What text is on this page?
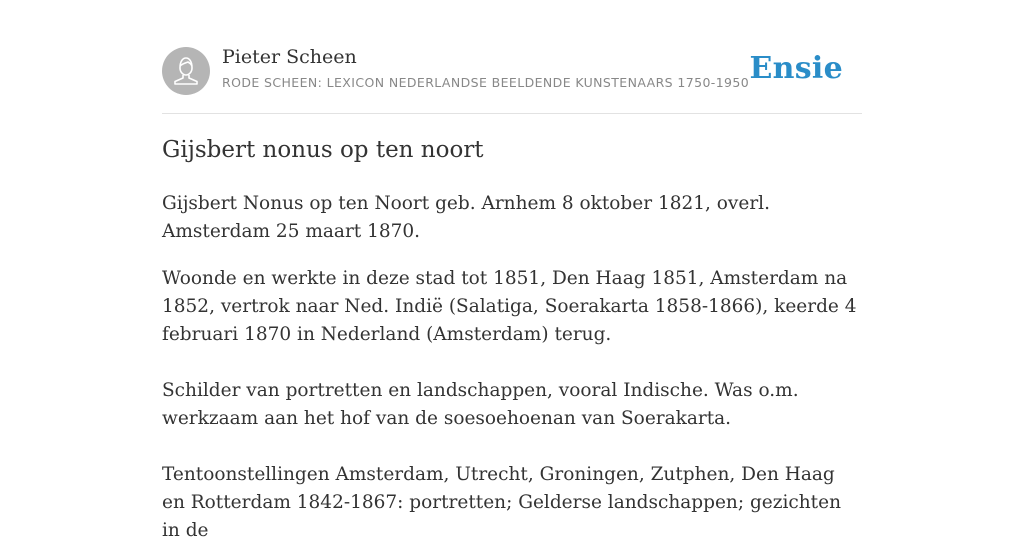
Pieter Scheen
RODE SCHEEN: LEXICON NEDERLANDSE BEELDENDE KUNSTENAARS 1750-1950 Ensie
Gijsbert nonus op ten noort

Gijsbert Nonus op ten Noort geb. Arnhem 8 oktober 1821, overl. Amsterdam 25 maart 1870.

Woonde en werkte in deze stad tot 1851, Den Haag 1851, Amsterdam na 1852, vertrok naar Ned. Indië (Salatiga, Soerakarta 1858-1866), keerde 4 februari 1870 in Nederland (Amsterdam) terug.

Schilder van portretten en landschappen, vooral Indische. Was o.m. werkzaam aan het hof van de soesoehoenan van Soerakarta.

Tentoonstellingen Amsterdam, Utrecht, Groningen, Zutphen, Den Haag en Rotterdam 1842-1867: portretten; Gelderse landschappen; gezichten in de
